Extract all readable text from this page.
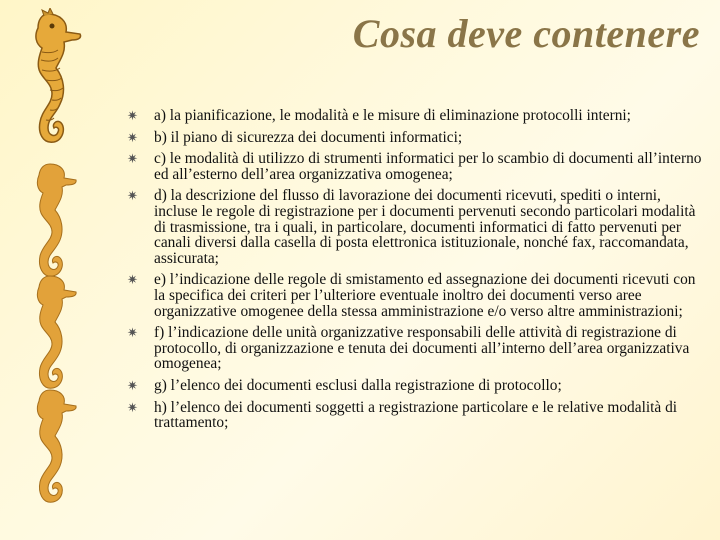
Cosa deve contenere
✷ a) la pianificazione, le modalità e le misure di eliminazione protocolli interni;
✷ b) il piano di sicurezza dei documenti informatici;
✷ c) le modalità di utilizzo di strumenti informatici per lo scambio di documenti all’interno ed all’esterno dell’area organizzativa omogenea;
✷ d) la descrizione del flusso di lavorazione dei documenti ricevuti, spediti o interni, incluse le regole di registrazione per i documenti pervenuti secondo particolari modalità di trasmissione, tra i quali, in particolare, documenti informatici di fatto pervenuti per canali diversi dalla casella di posta elettronica istituzionale, nonché fax, raccomandata, assicurata;
✷ e) l’indicazione delle regole di smistamento ed assegnazione dei documenti ricevuti con la specifica dei criteri per l’ulteriore eventuale inoltro dei documenti verso aree organizzative omogenee della stessa amministrazione e/o verso altre amministrazioni;
✷ f) l’indicazione delle unità organizzative responsabili delle attività di registrazione di protocollo, di organizzazione e tenuta dei documenti all’interno dell’area organizzativa omogenea;
✷ g) l’elenco dei documenti esclusi dalla registrazione di protocollo;
✷ h) l’elenco dei documenti soggetti a registrazione particolare e le relative modalità di trattamento;
